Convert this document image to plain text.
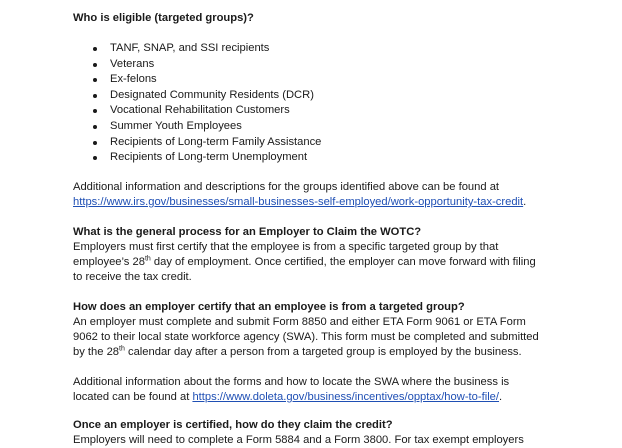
Who is eligible (targeted groups)?
TANF, SNAP, and SSI recipients
Veterans
Ex-felons
Designated Community Residents (DCR)
Vocational Rehabilitation Customers
Summer Youth Employees
Recipients of Long-term Family Assistance
Recipients of Long-term Unemployment
Additional information and descriptions for the groups identified above can be found at
https://www.irs.gov/businesses/small-businesses-self-employed/work-opportunity-tax-credit.
What is the general process for an Employer to Claim the WOTC?
Employers must first certify that the employee is from a specific targeted group by that
employee’s 28th day of employment. Once certified, the employer can move forward with filing
to receive the tax credit.
How does an employer certify that an employee is from a targeted group?
An employer must complete and submit Form 8850 and either ETA Form 9061 or ETA Form
9062 to their local state workforce agency (SWA). This form must be completed and submitted
by the 28th calendar day after a person from a targeted group is employed by the business.
Additional information about the forms and how to locate the SWA where the business is
located can be found at https://www.doleta.gov/business/incentives/opptax/how-to-file/.
Once an employer is certified, how do they claim the credit?
Employers will need to complete a Form 5884 and a Form 3800. For tax exempt employers
